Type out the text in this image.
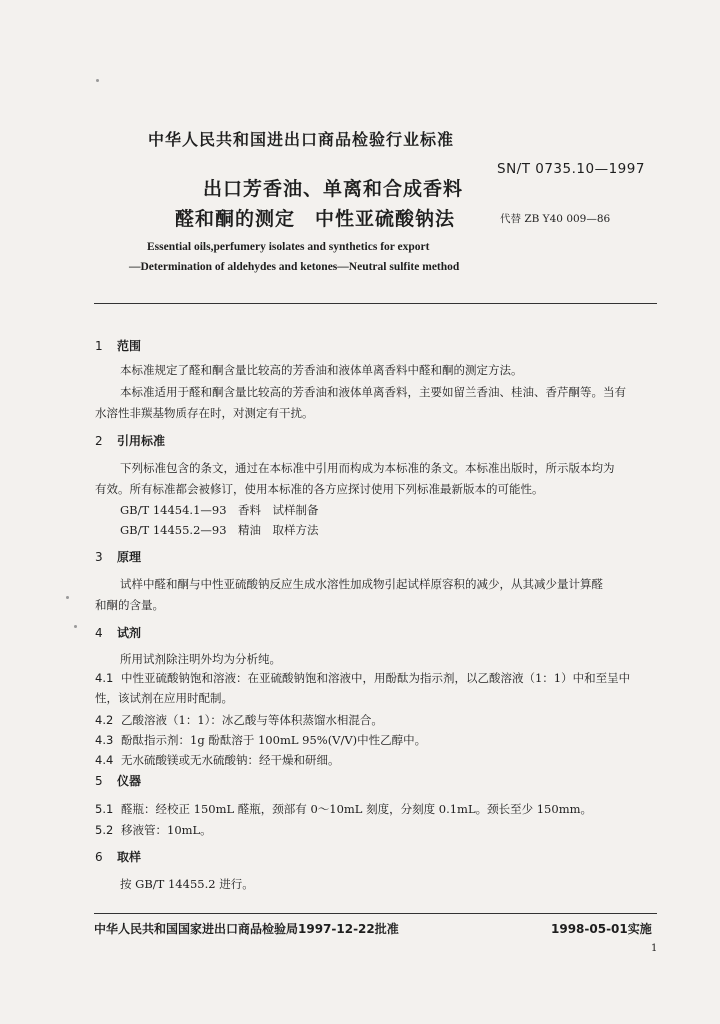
中华人民共和国进出口商品检验行业标准
SN/T 0735.10—1997
出口芳香油、单离和合成香料
醛和酮的测定　中性亚硫酸钠法	代替 ZB Y40 009—86
Essential oils,perfumery isolates and synthetics for export
—Determination of aldehydes and ketones—Neutral sulfite method
1 范围
本标准规定了醛和酮含量比较高的芳香油和液体单离香料中醛和酮的测定方法。
本标准适用于醛和酮含量比较高的芳香油和液体单离香料，主要如留兰香油、桂油、香芹酮等。当有
水溶性非羰基物质存在时，对测定有干扰。
2 引用标准
下列标准包含的条文，通过在本标准中引用而构成为本标准的条文。本标准出版时，所示版本均为
有效。所有标准都会被修订，使用本标准的各方应探讨使用下列标准最新版本的可能性。
GB/T 14454.1—93　香料　试样制备
GB/T 14455.2—93　精油　取样方法
3 原理
试样中醛和酮与中性亚硫酸钠反应生成水溶性加成物引起试样原容积的减少，从其减少量计算醛
和酮的含量。
4 试剂
所用试剂除注明外均为分析纯。
4.1 中性亚硫酸钠饱和溶液：在亚硫酸钠饱和溶液中，用酚酞为指示剂，以乙酸溶液（1：1）中和至呈中
性，该试剂在应用时配制。
4.2 乙酸溶液（1：1）：冰乙酸与等体积蒸馏水相混合。
4.3 酚酞指示剂：1g 酚酞溶于 100mL 95%(V/V)中性乙醇中。
4.4 无水硫酸镁或无水硫酸钠：经干燥和研细。
5 仪器
5.1 醛瓶：经校正 150mL 醛瓶，颈部有 0～10mL 刻度，分刻度 0.1mL。颈长至少 150mm。
5.2 移液管：10mL。
6 取样
按 GB/T 14455.2 进行。
中华人民共和国国家进出口商品检验局1997-12-22批准	1998-05-01实施
1
